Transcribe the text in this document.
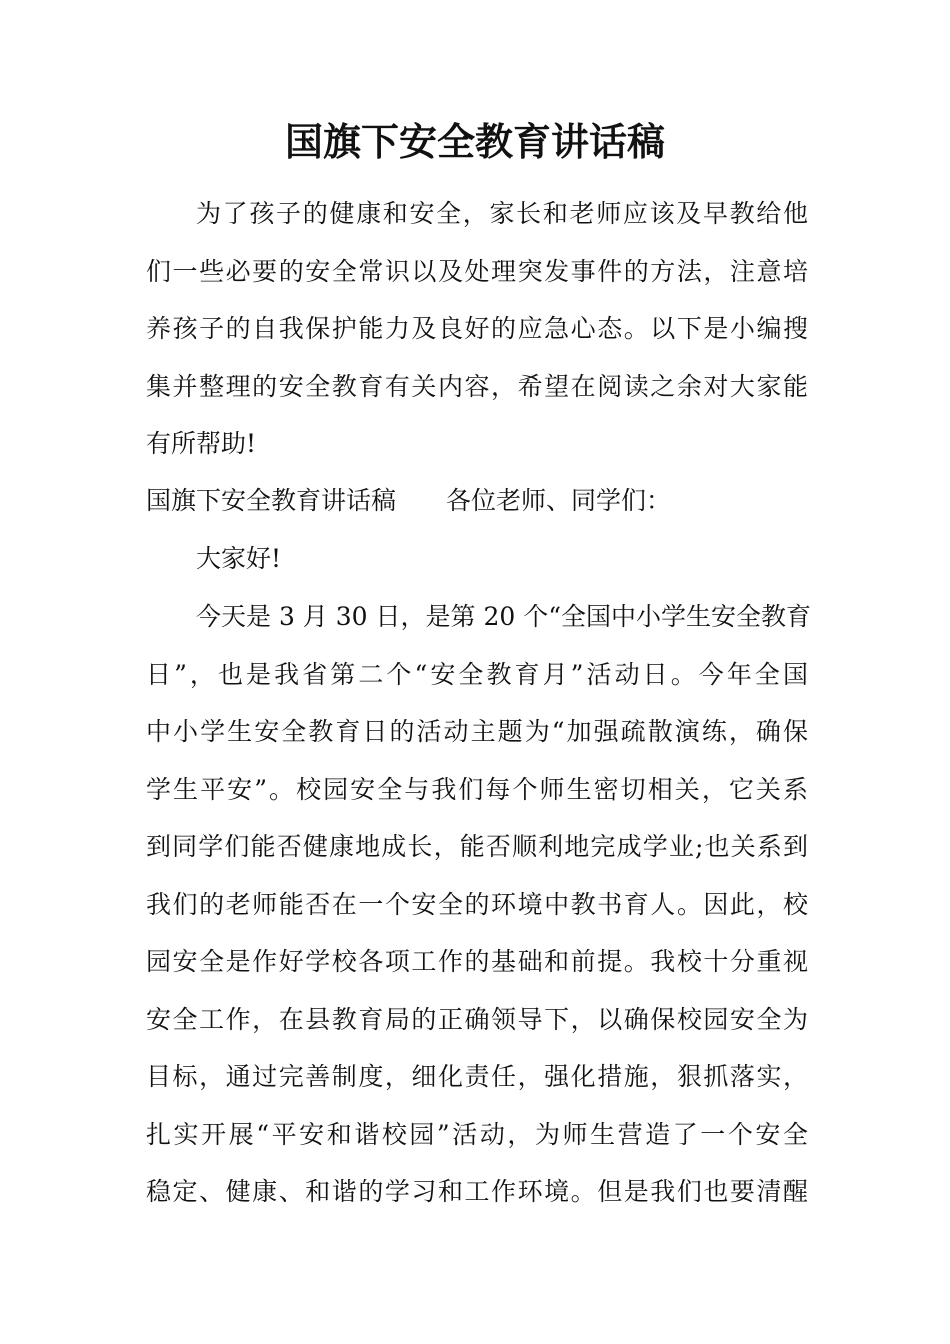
国旗下安全教育讲话稿
为了孩子的健康和安全，家长和老师应该及早教给他
们一些必要的安全常识以及处理突发事件的方法，注意培
养孩子的自我保护能力及良好的应急心态。以下是小编搜
集并整理的安全教育有关内容，希望在阅读之余对大家能
有所帮助!
国旗下安全教育讲话稿 各位老师、同学们：
大家好!
今天是 3 月 30 日，是第 20 个“全国中小学生安全教育
日”，也是我省第二个“安全教育月”活动日。今年全国
中小学生安全教育日的活动主题为“加强疏散演练，确保
学生平安”。校园安全与我们每个师生密切相关，它关系
到同学们能否健康地成长，能否顺利地完成学业;也关系到
我们的老师能否在一个安全的环境中教书育人。因此，校
园安全是作好学校各项工作的基础和前提。我校十分重视
安全工作，在县教育局的正确领导下，以确保校园安全为
目标，通过完善制度，细化责任，强化措施，狠抓落实，
扎实开展“平安和谐校园”活动，为师生营造了一个安全
稳定、健康、和谐的学习和工作环境。但是我们也要清醒
